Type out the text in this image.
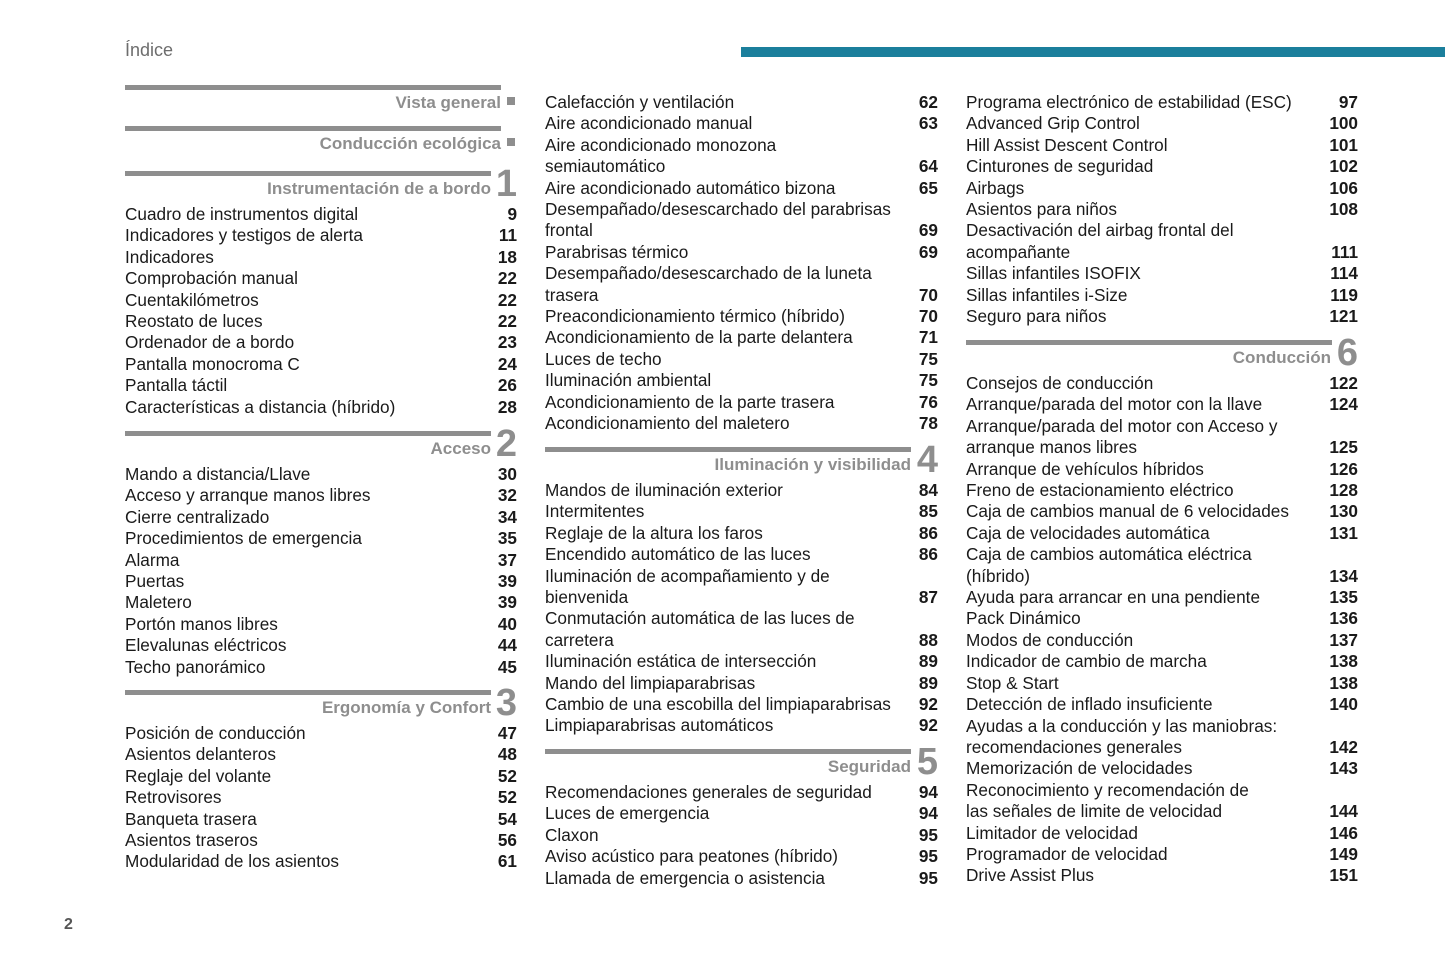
Índice
Vista general
Conducción ecológica
Instrumentación de a bordo 1
Cuadro de instrumentos digital	9
Indicadores y testigos de alerta	11
Indicadores	18
Comprobación manual	22
Cuentakilómetros	22
Reostato de luces	22
Ordenador de a bordo	23
Pantalla monocroma C	24
Pantalla táctil	26
Características a distancia (híbrido)	28
Acceso 2
Mando a distancia/Llave	30
Acceso y arranque manos libres	32
Cierre centralizado	34
Procedimientos de emergencia	35
Alarma	37
Puertas	39
Maletero	39
Portón manos libres	40
Elevalunas eléctricos	44
Techo panorámico	45
Ergonomía y Confort 3
Posición de conducción	47
Asientos delanteros	48
Reglaje del volante	52
Retrovisores	52
Banqueta trasera	54
Asientos traseros	56
Modularidad de los asientos	61
Calefacción y ventilación	62
Aire acondicionado manual	63
Aire acondicionado monozona semiautomático	64
Aire acondicionado automático bizona	65
Desempañado/desescarchado del parabrisas frontal	69
Parabrisas térmico	69
Desempañado/desescarchado de la luneta trasera	70
Preacondicionamiento térmico (híbrido)	70
Acondicionamiento de la parte delantera	71
Luces de techo	75
Iluminación ambiental	75
Acondicionamiento de la parte trasera	76
Acondicionamiento del maletero	78
Iluminación y visibilidad 4
Mandos de iluminación exterior	84
Intermitentes	85
Reglaje de la altura los faros	86
Encendido automático de las luces	86
Iluminación de acompañamiento y de bienvenida	87
Conmutación automática de las luces de carretera	88
Iluminación estática de intersección	89
Mando del limpiaparabrisas	89
Cambio de una escobilla del limpiaparabrisas	92
Limpiaparabrisas automáticos	92
Seguridad 5
Recomendaciones generales de seguridad	94
Luces de emergencia	94
Claxon	95
Aviso acústico para peatones (híbrido)	95
Llamada de emergencia o asistencia	95
Programa electrónico de estabilidad (ESC)	97
Advanced Grip Control	100
Hill Assist Descent Control	101
Cinturones de seguridad	102
Airbags	106
Asientos para niños	108
Desactivación del airbag frontal del acompañante	111
Sillas infantiles ISOFIX	114
Sillas infantiles i-Size	119
Seguro para niños	121
Conducción 6
Consejos de conducción	122
Arranque/parada del motor con la llave	124
Arranque/parada del motor con Acceso y arranque manos libres	125
Arranque de vehículos híbridos	126
Freno de estacionamiento eléctrico	128
Caja de cambios manual de 6 velocidades	130
Caja de velocidades automática	131
Caja de cambios automática eléctrica (híbrido)	134
Ayuda para arrancar en una pendiente	135
Pack Dinámico	136
Modos de conducción	137
Indicador de cambio de marcha	138
Stop & Start	138
Detección de inflado insuficiente	140
Ayudas a la conducción y las maniobras: recomendaciones generales	142
Memorización de velocidades	143
Reconocimiento y recomendación de las señales de limite de velocidad	144
Limitador de velocidad	146
Programador de velocidad	149
Drive Assist Plus	151
2
